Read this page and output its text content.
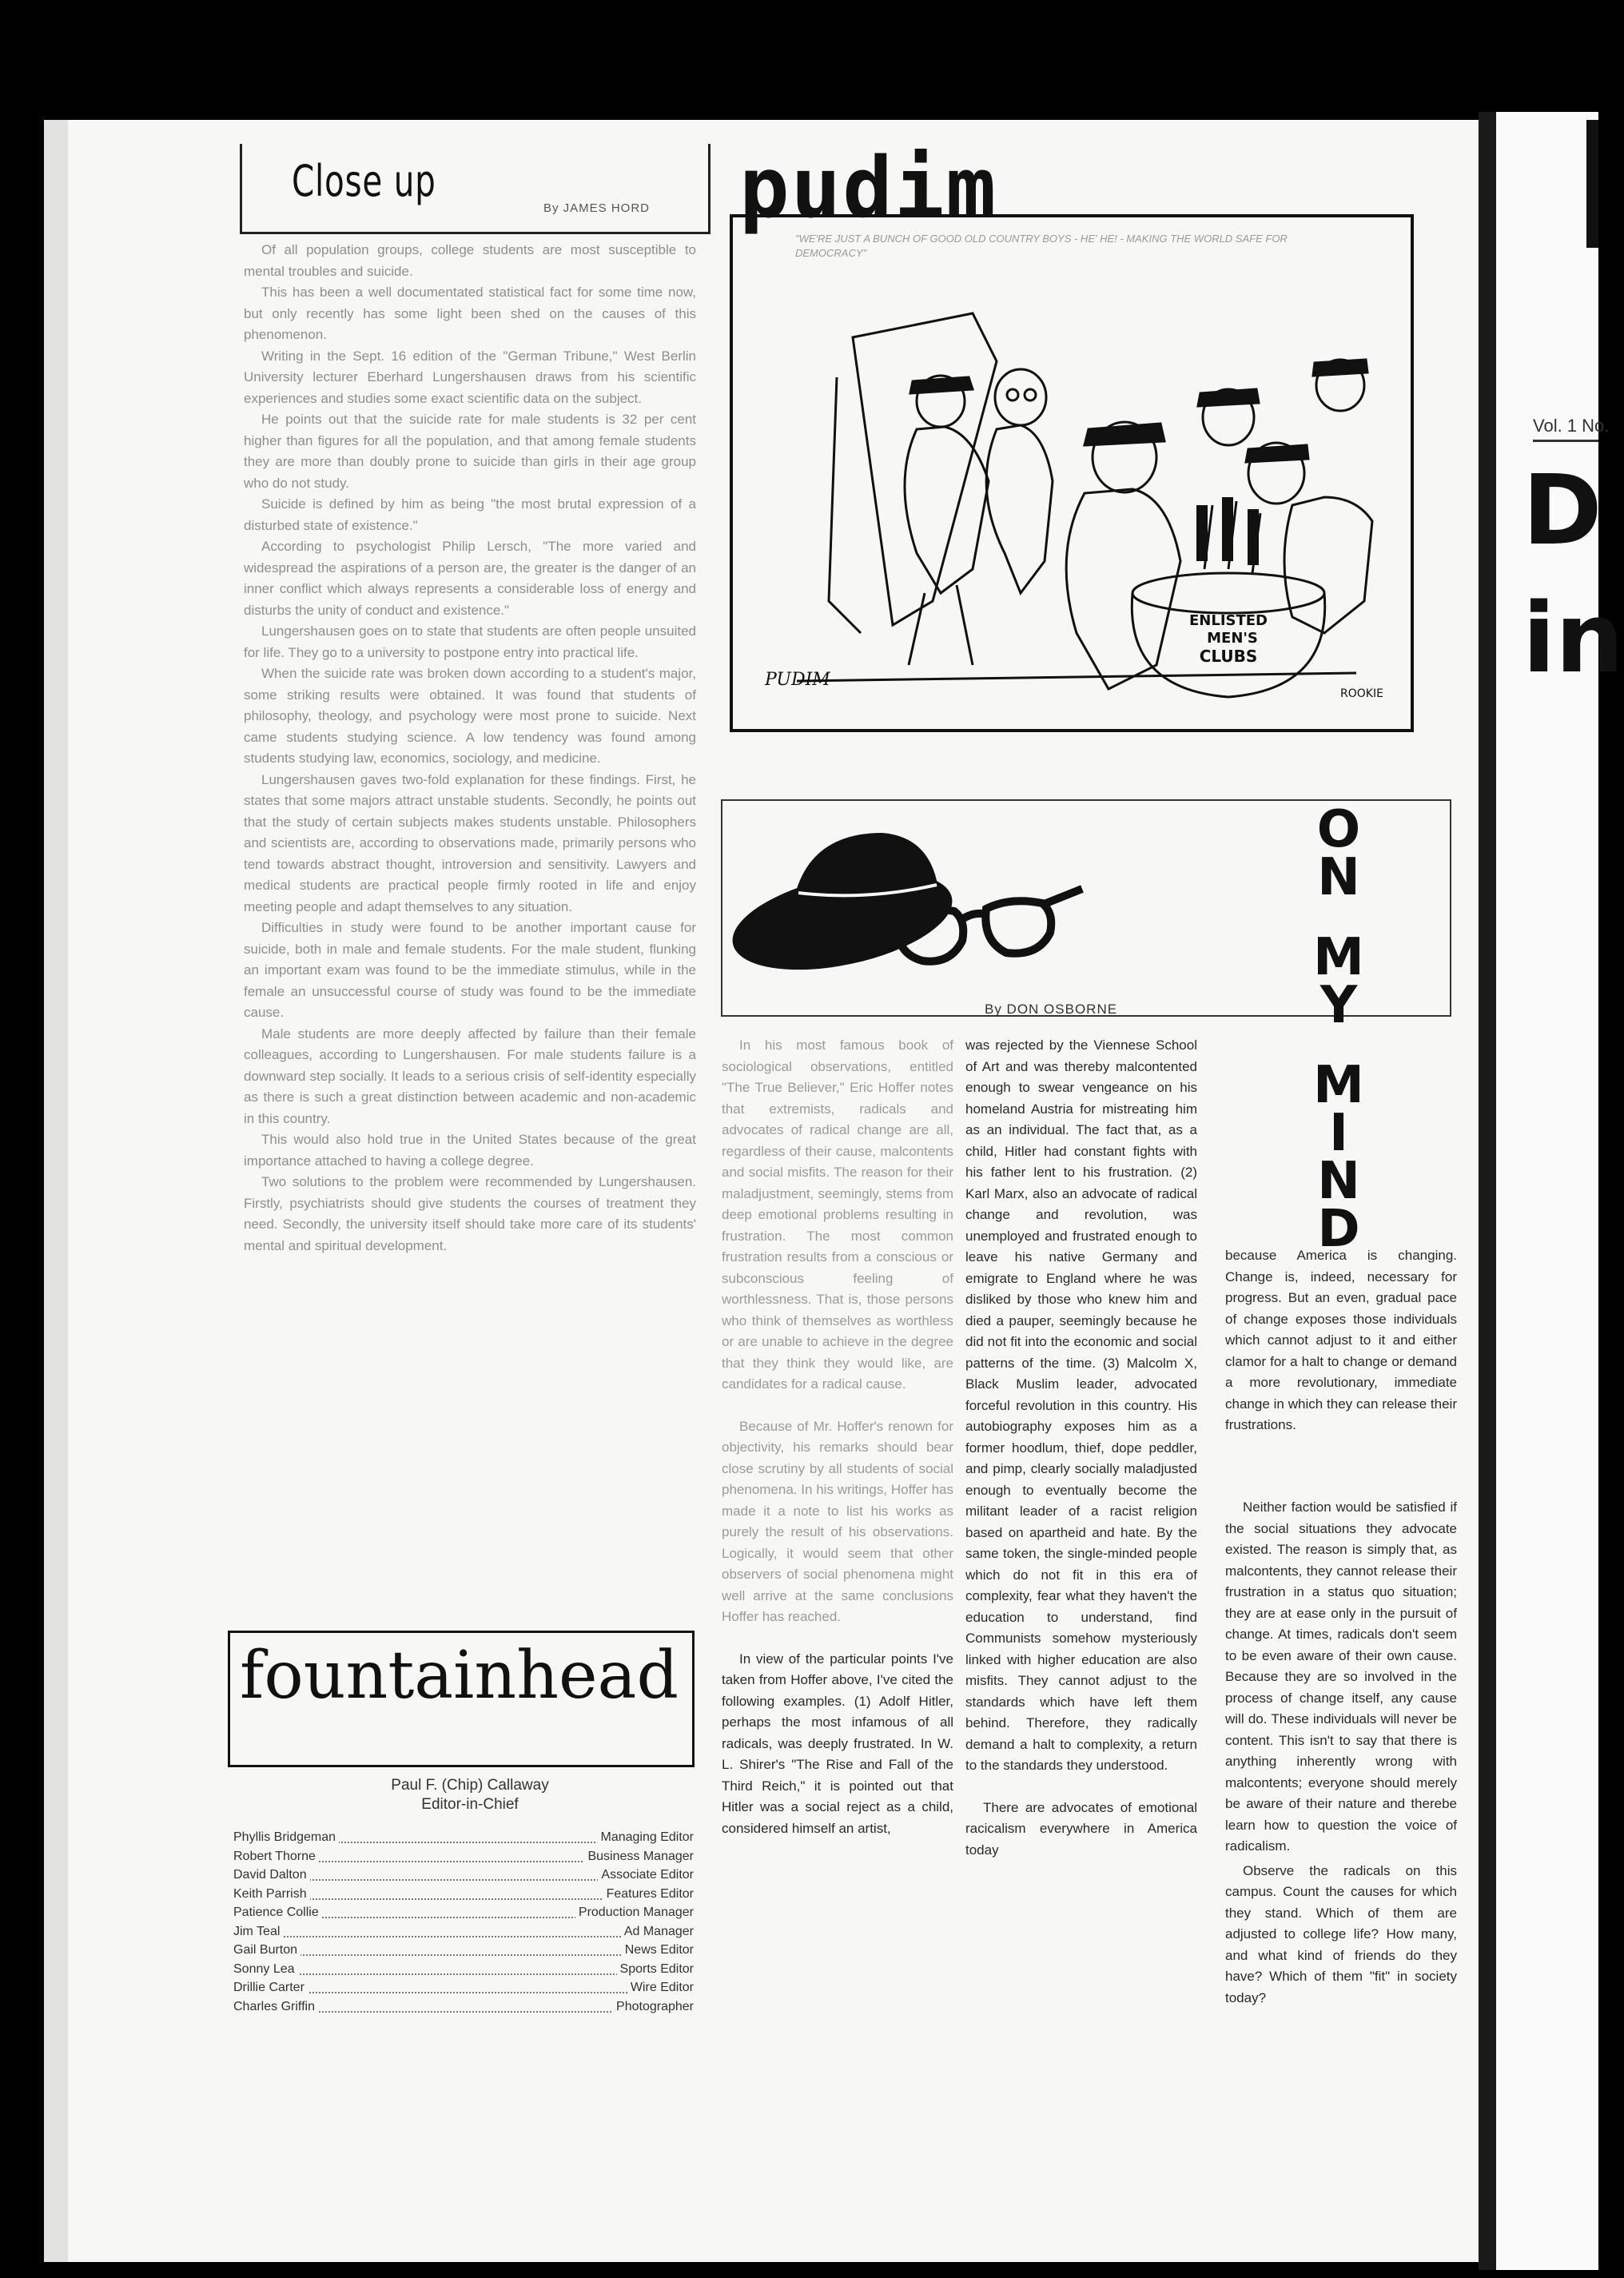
Close up
By JAMES HORD

Of all population groups, college students are most susceptible to mental troubles and suicide.

This has been a well documentated statistical fact for some time now, but only recently has some light been shed on the causes of this phenomenon.

Writing in the Sept. 16 edition of the "German Tribune," West Berlin University lecturer Eberhard Lungershausen draws from his scientific experiences and studies some exact scientific data on the subject.

He points out that the suicide rate for male students is 32 per cent higher than figures for all the population, and that among female students they are more than doubly prone to suicide than girls in their age group who do not study.

Suicide is defined by him as being "the most brutal expression of a disturbed state of existence."

According to psychologist Philip Lersch, "The more varied and widespread the aspirations of a person are, the greater is the danger of an inner conflict which always represents a considerable loss of energy and disturbs the unity of conduct and existence."

Lungershausen goes on to state that students are often people unsuited for life. They go to a university to postpone entry into practical life.

When the suicide rate was broken down according to a student's major, some striking results were obtained. It was found that students of philosophy, theology, and psychology were most prone to suicide. Next came students studying science. A low tendency was found among students studying law, economics, sociology, and medicine.

Lungershausen gaves two-fold explanation for these findings. First, he states that some majors attract unstable students. Secondly, he points out that the study of certain subjects makes students unstable. Philosophers and scientists are, according to observations made, primarily persons who tend towards abstract thought, introversion and sensitivity. Lawyers and medical students are practical people firmly rooted in life and enjoy meeting people and adapt themselves to any situation.

Difficulties in study were found to be another important cause for suicide, both in male and female students. For the male student, flunking an important exam was found to be the immediate stimulus, while in the female an unsuccessful course of study was found to be the immediate cause.

Male students are more deeply affected by failure than their female colleagues, according to Lungershausen. For male students failure is a downward step socially. It leads to a serious crisis of self-identity especially as there is such a great distinction between academic and non-academic in this country.

This would also hold true in the United States because of the great importance attached to having a college degree.

Two solutions to the problem were recommended by Lungershausen. Firstly, psychiatrists should give students the courses of treatment they need. Secondly, the university itself should take more care of its students' mental and spiritual development.

pudim
ENLISTED
MEN'S
CLUBS
PUDIM
ROOKIE
"WE'RE JUST A BUNCH OF GOOD OLD COUNTRY BOYS - HE' HE! - MAKING THE WORLD SAFE FOR DEMOCRACY"
By DON OSBORNE
O
N
M
Y
M
I
N
D

In his most famous book of sociological observations, entitled "The True Believer," Eric Hoffer notes that extremists, radicals and advocates of radical change are all, regardless of their cause, malcontents and social misfits. The reason for their maladjustment, seemingly, stems from deep emotional problems resulting in frustration. The most common frustration results from a conscious or subconscious feeling of worthlessness. That is, those persons who think of themselves as worthless or are unable to achieve in the degree that they think they would like, are candidates for a radical cause.

Because of Mr. Hoffer's renown for objectivity, his remarks should bear close scrutiny by all students of social phenomena. In his writings, Hoffer has made it a note to list his works as purely the result of his observations. Logically, it would seem that other observers of social phenomena might well arrive at the same conclusions Hoffer has reached.

In view of the particular points I've taken from Hoffer above, I've cited the following examples. (1) Adolf Hitler, perhaps the most infamous of all radicals, was deeply frustrated. In W. L. Shirer's "The Rise and Fall of the Third Reich," it is pointed out that Hitler was a social reject as a child, considered himself an artist,

was rejected by the Viennese School of Art and was thereby malcontented enough to swear vengeance on his homeland Austria for mistreating him as an individual. The fact that, as a child, Hitler had constant fights with his father lent to his frustration. (2) Karl Marx, also an advocate of radical change and revolution, was unemployed and frustrated enough to leave his native Germany and emigrate to England where he was disliked by those who knew him and died a pauper, seemingly because he did not fit into the economic and social patterns of the time. (3) Malcolm X, Black Muslim leader, advocated forceful revolution in this country. His autobiography exposes him as a former hoodlum, thief, dope peddler, and pimp, clearly socially maladjusted enough to eventually become the militant leader of a racist religion based on apartheid and hate. By the same token, the single-minded people which do not fit in this era of complexity, fear what they haven't the education to understand, find Communists somehow mysteriously linked with higher education are also misfits. They cannot adjust to the standards which have left them behind. Therefore, they radically demand a halt to complexity, a return to the standards they understood.

There are advocates of emotional racicalism everywhere in America today

because America is changing. Change is, indeed, necessary for progress. But an even, gradual pace of change exposes those individuals which cannot adjust to it and either clamor for a halt to change or demand a more revolutionary, immediate change in which they can release their frustrations.

Neither faction would be satisfied if the social situations they advocate existed. The reason is simply that, as malcontents, they cannot release their frustration in a status quo situation; they are at ease only in the pursuit of change. At times, radicals don't seem to be even aware of their own cause. Because they are so involved in the process of change itself, any cause will do. These individuals will never be content. This isn't to say that there is anything inherently wrong with malcontents; everyone should merely be aware of their nature and therebe learn how to question the voice of radicalism.

Observe the radicals on this campus. Count the causes for which they stand. Which of them are adjusted to college life? How many, and what kind of friends do they have? Which of them "fit" in society today?

fountainhead
Paul F. (Chip) Callaway
Editor-in-Chief
Phyllis Bridgeman	Managing Editor
Robert Thorne	Business Manager
David Dalton	Associate Editor
Keith Parrish	Features Editor
Patience Collie	Production Manager
Jim Teal	Ad Manager
Gail Burton	News Editor
Sonny Lea	Sports Editor
Drillie Carter	Wire Editor
Charles Griffin	Photographer
Vol. 1 No.
D
in
